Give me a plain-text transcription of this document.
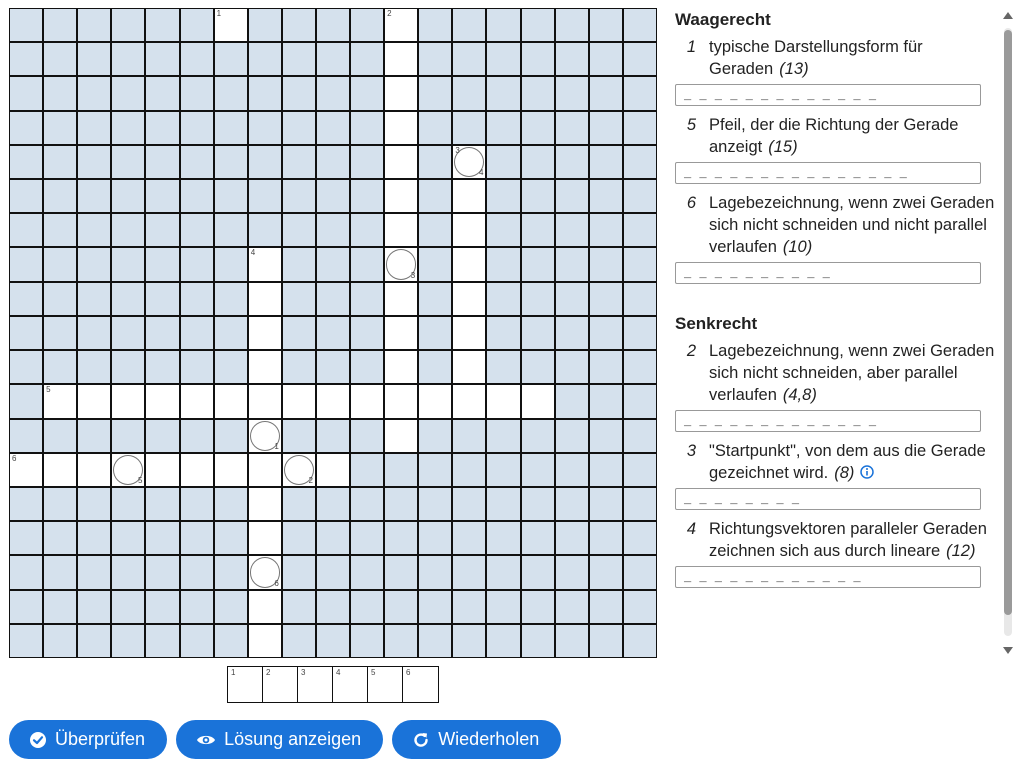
1	2
4
3
4
3
5
1
6
5	2
6
1	2	3	4	5	6
Überprüfen	Lösung anzeigen	Wiederholen
Waagerecht
1 typische Darstellungsform für Geraden (13)
_ _ _ _ _ _ _ _ _ _ _ _ _
5 Pfeil, der die Richtung der Gerade anzeigt (15)
_ _ _ _ _ _ _ _ _ _ _ _ _ _ _
6 Lagebezeichnung, wenn zwei Geraden sich nicht schneiden und nicht parallel verlaufen (10)
_ _ _ _ _ _ _ _ _ _
Senkrecht
2 Lagebezeichnung, wenn zwei Geraden sich nicht schneiden, aber parallel verlaufen (4,8)
_ _ _ _ _ _ _ _ _ _ _ _ _
3 "Startpunkt", von dem aus die Gerade gezeichnet wird. (8)
_ _ _ _ _ _ _ _
4 Richtungsvektoren paralleler Geraden zeichnen sich aus durch lineare (12)
_ _ _ _ _ _ _ _ _ _ _ _
